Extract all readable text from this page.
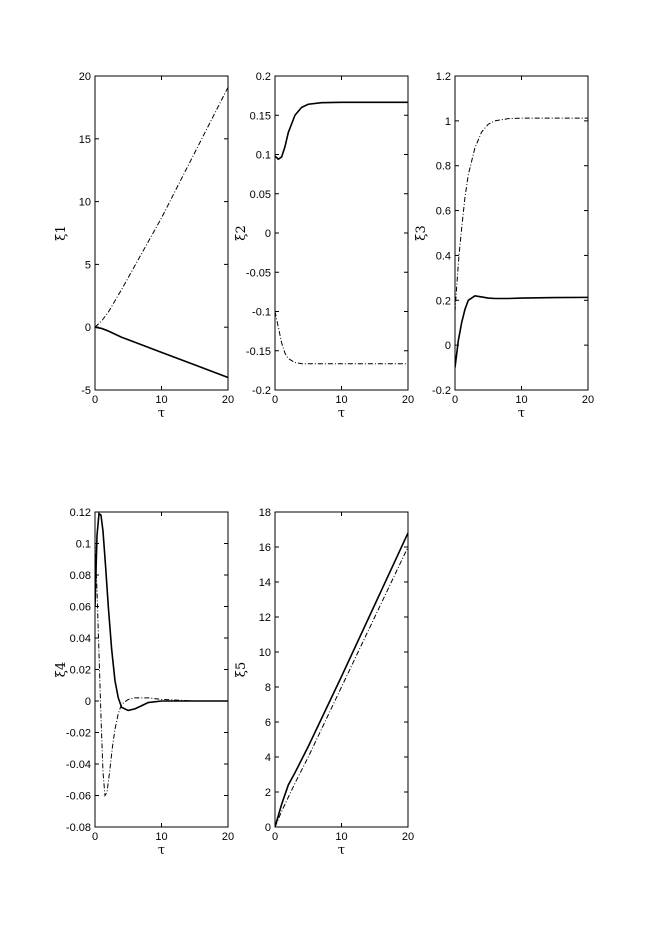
0	10	20
-5
0
5
10
15
20
τ
ξ1
0	10	20
-0.2
-0.15
-0.1
-0.05
0
0.05
0.1
0.15
0.2
τ
ξ2
0	10	20
-0.2
0
0.2
0.4
0.6
0.8
1
1.2
τ
ξ3
0	10	20
-0.08
-0.06
-0.04
-0.02
0
0.02
0.04
0.06
0.08
0.1
0.12
τ
ξ4
0	10	20
0
2
4
6
8
10
12
14
16
18
τ
ξ5
